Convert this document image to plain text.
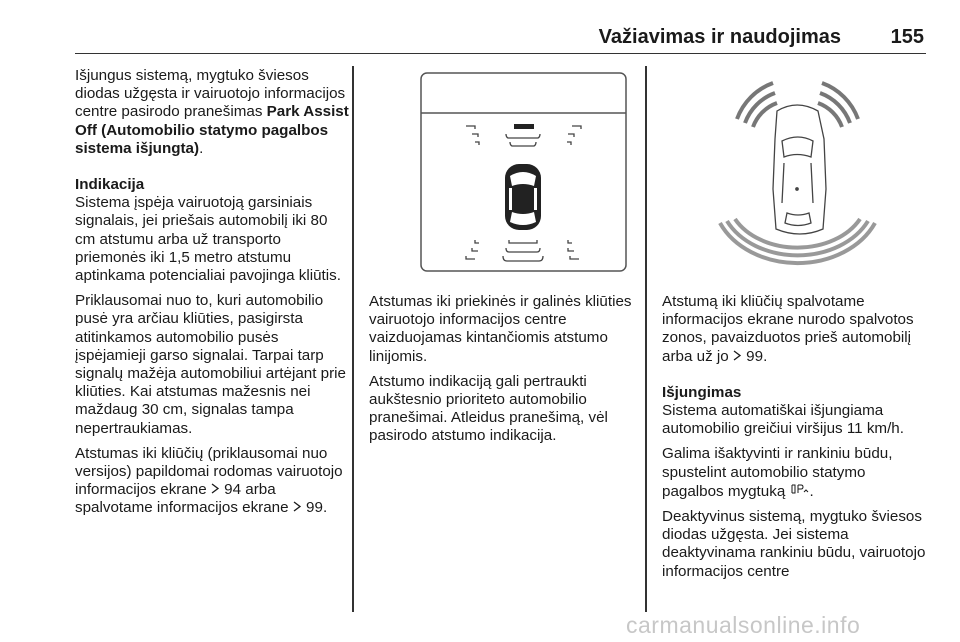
Važiavimas ir naudojimas 155

Išjungus sistemą, mygtuko šviesos diodas užgęsta ir vairuotojo informacijos centre pasirodo pranešimas Park Assist Off (Automobilio statymo pagalbos sistema išjungta).

Indikacija

Sistema įspėja vairuotoją garsiniais signalais, jei priešais automobilį iki 80 cm atstumu arba už transporto priemonės iki 1,5 metro atstumu aptinkama potencialiai pavojinga kliūtis.

Priklausomai nuo to, kuri automobilio pusė yra arčiau kliūties, pasigirsta atitinkamos automobilio pusės įspėjamieji garso signalai. Tarpai tarp signalų mažėja automobiliui artėjant prie kliūties. Kai atstumas mažesnis nei maždaug 30 cm, signalas tampa nepertraukiamas.

Atstumas iki kliūčių (priklausomai nuo versijos) papildomai rodomas vairuotojo informacijos ekrane  94 arba spalvotame informacijos ekrane  99.

Atstumas iki priekinės ir galinės kliūties vairuotojo informacijos centre vaizduojamas kintančiomis atstumo linijomis.

Atstumo indikaciją gali pertraukti aukštesnio prioriteto automobilio pranešimai. Atleidus pranešimą, vėl pasirodo atstumo indikacija.

Atstumą iki kliūčių spalvotame informacijos ekrane nurodo spalvotos zonos, pavaizduotos prieš automobilį arba už jo  99.

Išjungimas

Sistema automatiškai išjungiama automobilio greičiui viršijus 11 km/h.

Galima išaktyvinti ir rankiniu būdu, spustelint automobilio statymo pagalbos mygtuką .

Deaktyvinus sistemą, mygtuko šviesos diodas užgęsta. Jei sistema deaktyvinama rankiniu būdu, vairuotojo informacijos centre

carmanualsonline.info
